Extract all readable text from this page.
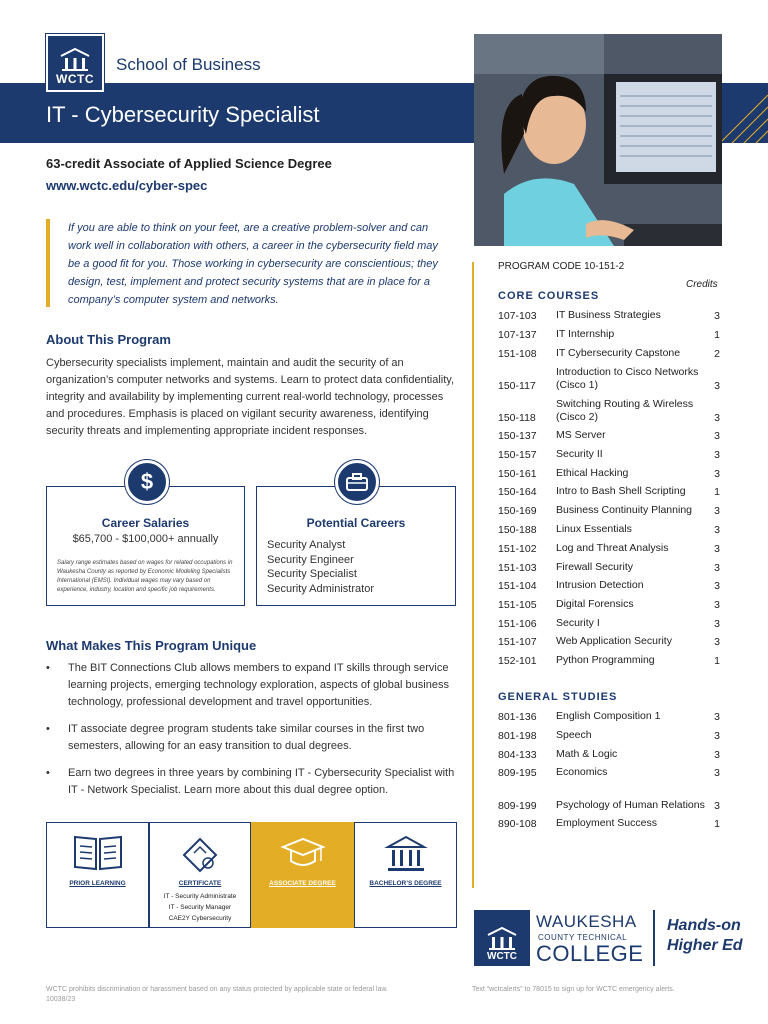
WCTC
School of Business
IT - Cybersecurity Specialist
63-credit Associate of Applied Science Degree
www.wctc.edu/cyber-spec
If you are able to think on your feet, are a creative problem-solver and can work well in collaboration with others, a career in the cybersecurity field may be a good fit for you. Those working in cybersecurity are conscientious; they design, test, implement and protect security systems that are in place for a company’s computer system and networks.
About This Program
Cybersecurity specialists implement, maintain and audit the security of an organization’s computer networks and systems. Learn to protect data confidentiality, integrity and availability by implementing current real-world technology, processes and procedures. Emphasis is placed on vigilant security awareness, identifying security threats and implementing appropriate incident responses.
$
Career Salaries
$65,700 - $100,000+ annually
Salary range estimates based on wages for related occupations in Waukesha County as reported by Economic Modeling Specialists International (EMSI). Individual wages may vary based on experience, industry, location and specific job requirements.
Potential Careers
Security Analyst
Security Engineer
Security Specialist
Security Administrator
What Makes This Program Unique
• The BIT Connections Club allows members to expand IT skills through service learning projects, emerging technology exploration, aspects of global business technology, professional development and travel opportunities.
• IT associate degree program students take similar courses in the first two semesters, allowing for an easy transition to dual degrees.
• Earn two degrees in three years by combining IT - Cybersecurity Specialist with IT - Network Specialist. Learn more about this dual degree option.
PRIOR LEARNING	CERTIFICATE
IT - Security Administrate
IT - Security Manager
CAE2Y Cybersecurity
ASSOCIATE DEGREE	BACHELOR’S DEGREE
PROGRAM CODE 10-151-2
Credits
CORE COURSES
107-103 IT Business Strategies	3
107-137 IT Internship	1
151-108 IT Cybersecurity Capstone	2
150-117
Introduction to Cisco Networks (Cisco 1)	3
150-118
Switching Routing & Wireless (Cisco 2)	3
150-137 MS Server	3
150-157 Security II	3
150-161 Ethical Hacking	3
150-164 Intro to Bash Shell Scripting	1
150-169 Business Continuity Planning	3
150-188 Linux Essentials	3
151-102 Log and Threat Analysis	3
151-103 Firewall Security	3
151-104 Intrusion Detection	3
151-105 Digital Forensics	3
151-106 Security I	3
151-107 Web Application Security	3
152-101 Python Programming	1
GENERAL STUDIES
801-136 English Composition 1	3
801-198 Speech	3
804-133 Math & Logic	3
809-195 Economics	3
809-199 Psychology of Human Relations 3
890-108 Employment Success	1
WCTC
WAUKESHA
COUNTY TECHNICAL
COLLEGE
Hands-on
Higher Ed
WCTC prohibits discrimination or harassment based on any status protected by applicable state or federal law.
10038/23
Text “wctcalerts” to 78015 to sign up for WCTC emergency alerts.
